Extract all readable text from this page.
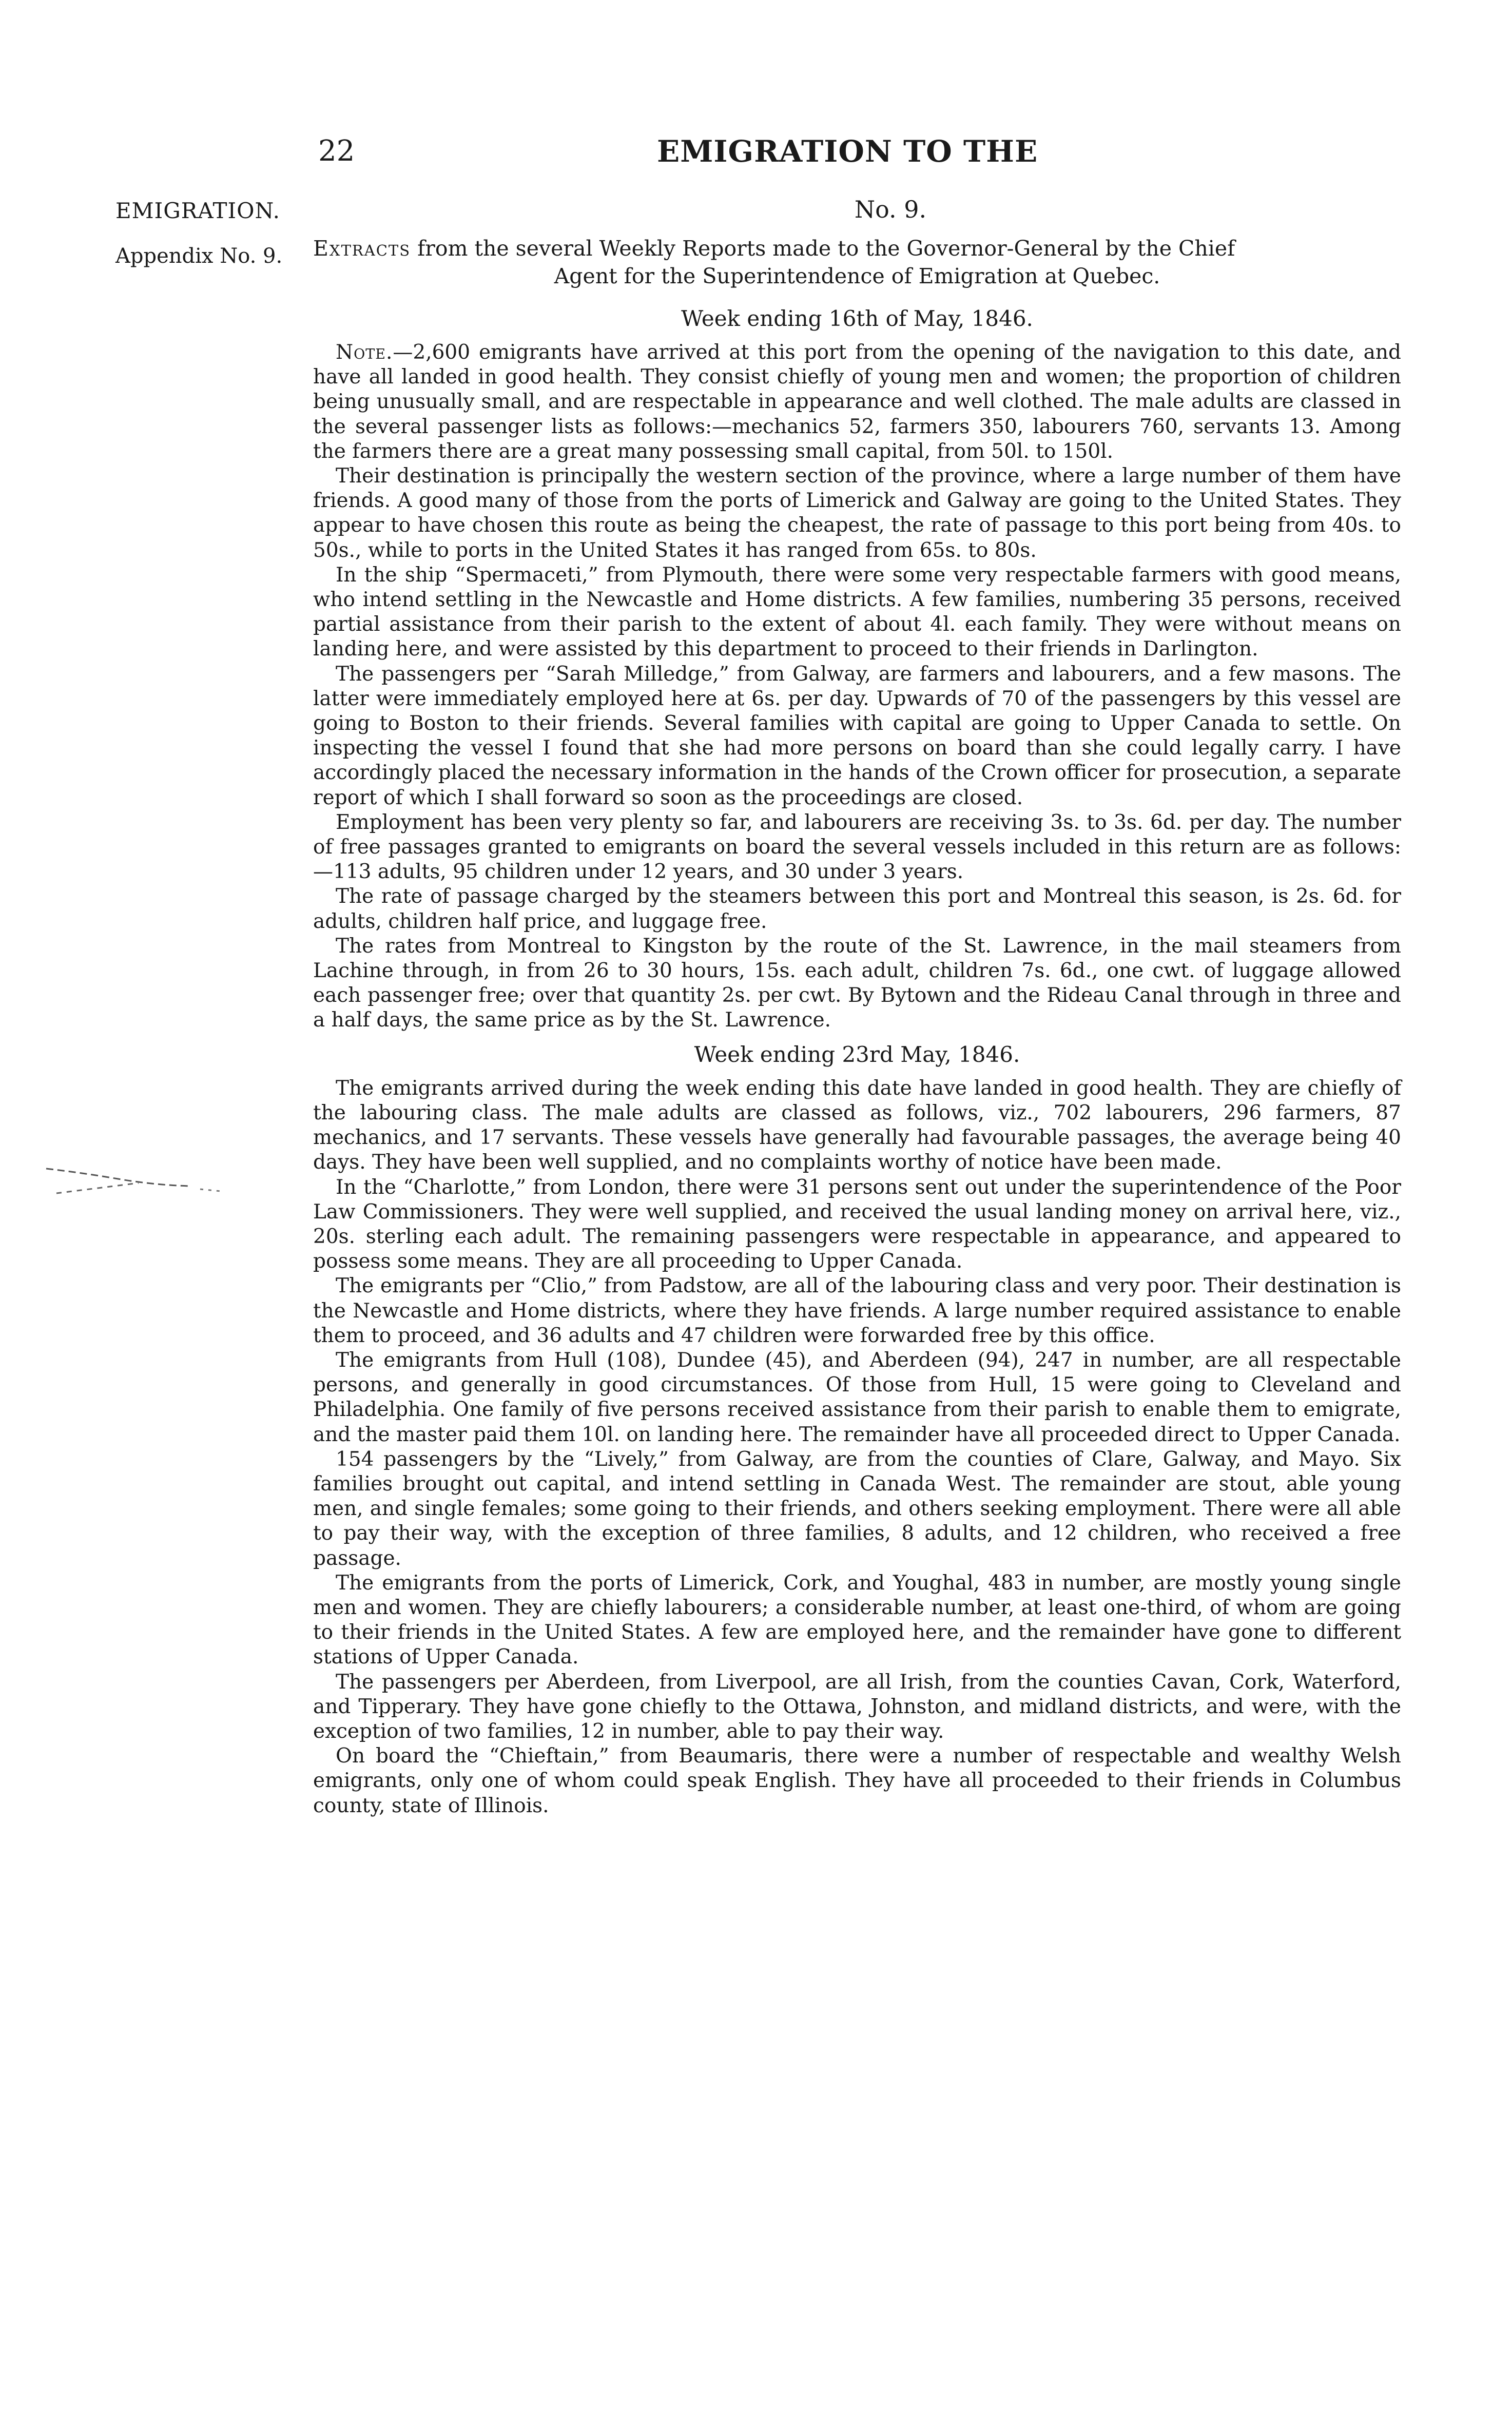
22	EMIGRATION TO THE
EMIGRATION.
Appendix No. 9.
No. 9.
Extracts from the several Weekly Reports made to the Governor-General by the Chief
Agent for the Superintendence of Emigration at Quebec.
Week ending 16th of May, 1846.

Note.—2,600 emigrants have arrived at this port from the opening of the navigation to this date, and have all landed in good health. They consist chiefly of young men and women; the proportion of children being unusually small, and are respectable in appearance and well clothed. The male adults are classed in the several passenger lists as follows:—mechanics 52, farmers 350, labourers 760, servants 13. Among the farmers there are a great many possessing small capital, from 50l. to 150l.

Their destination is principally the western section of the province, where a large number of them have friends. A good many of those from the ports of Limerick and Galway are going to the United States. They appear to have chosen this route as being the cheapest, the rate of passage to this port being from 40s. to 50s., while to ports in the United States it has ranged from 65s. to 80s.

In the ship “Spermaceti,” from Plymouth, there were some very respectable farmers with good means, who intend settling in the Newcastle and Home districts. A few families, numbering 35 persons, received partial assistance from their parish to the extent of about 4l. each family. They were without means on landing here, and were assisted by this department to proceed to their friends in Darlington.

The passengers per “Sarah Milledge,” from Galway, are farmers and labourers, and a few masons. The latter were immediately employed here at 6s. per day. Upwards of 70 of the passengers by this vessel are going to Boston to their friends. Several families with capital are going to Upper Canada to settle. On inspecting the vessel I found that she had more persons on board than she could legally carry. I have accordingly placed the necessary information in the hands of the Crown officer for prosecution, a separate report of which I shall forward so soon as the proceedings are closed.

Employment has been very plenty so far, and labourers are receiving 3s. to 3s. 6d. per day. The number of free passages granted to emigrants on board the several vessels included in this return are as follows:—113 adults, 95 children under 12 years, and 30 under 3 years.

The rate of passage charged by the steamers between this port and Montreal this season, is 2s. 6d. for adults, children half price, and luggage free.

The rates from Montreal to Kingston by the route of the St. Lawrence, in the mail steamers from Lachine through, in from 26 to 30 hours, 15s. each adult, children 7s. 6d., one cwt. of luggage allowed each passenger free; over that quantity 2s. per cwt. By Bytown and the Rideau Canal through in three and a half days, the same price as by the St. Lawrence.

Week ending 23rd May, 1846.

The emigrants arrived during the week ending this date have landed in good health. They are chiefly of the labouring class. The male adults are classed as follows, viz., 702 labourers, 296 farmers, 87 mechanics, and 17 servants. These vessels have generally had favourable passages, the average being 40 days. They have been well supplied, and no complaints worthy of notice have been made.

In the “Charlotte,” from London, there were 31 persons sent out under the superintendence of the Poor Law Commissioners. They were well supplied, and received the usual landing money on arrival here, viz., 20s. sterling each adult. The remaining passengers were respectable in appearance, and appeared to possess some means. They are all proceeding to Upper Canada.

The emigrants per “Clio,” from Padstow, are all of the labouring class and very poor. Their destination is the Newcastle and Home districts, where they have friends. A large number required assistance to enable them to proceed, and 36 adults and 47 children were forwarded free by this office.

The emigrants from Hull (108), Dundee (45), and Aberdeen (94), 247 in number, are all respectable persons, and generally in good circumstances. Of those from Hull, 15 were going to Cleveland and Philadelphia. One family of five persons received assistance from their parish to enable them to emigrate, and the master paid them 10l. on landing here. The remainder have all proceeded direct to Upper Canada.

154 passengers by the “Lively,” from Galway, are from the counties of Clare, Galway, and Mayo. Six families brought out capital, and intend settling in Canada West. The remainder are stout, able young men, and single females; some going to their friends, and others seeking employment. There were all able to pay their way, with the exception of three families, 8 adults, and 12 children, who received a free passage.

The emigrants from the ports of Limerick, Cork, and Youghal, 483 in number, are mostly young single men and women. They are chiefly labourers; a considerable number, at least one-third, of whom are going to their friends in the United States. A few are employed here, and the remainder have gone to different stations of Upper Canada.

The passengers per Aberdeen, from Liverpool, are all Irish, from the counties Cavan, Cork, Waterford, and Tipperary. They have gone chiefly to the Ottawa, Johnston, and midland districts, and were, with the exception of two families, 12 in number, able to pay their way.

On board the “Chieftain,” from Beaumaris, there were a number of respectable and wealthy Welsh emigrants, only one of whom could speak English. They have all proceeded to their friends in Columbus county, state of Illinois.
